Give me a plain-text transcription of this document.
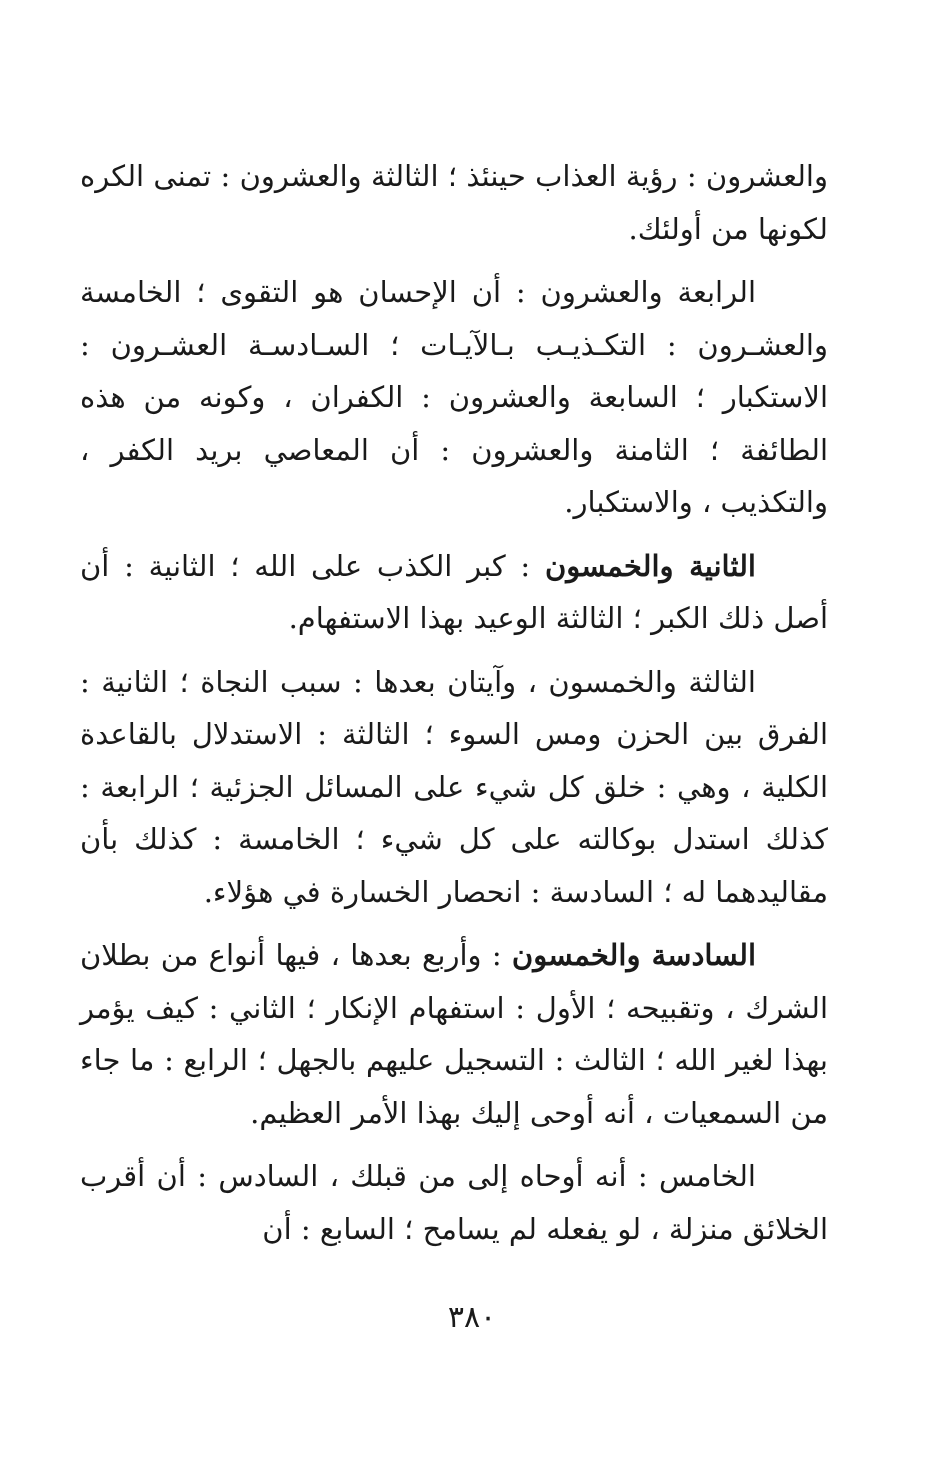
والعشرون : رؤية العذاب حينئذ ؛ الثالثة والعشرون : تمنى الكره لكونها من أولئك.

الرابعة والعشرون : أن الإحسان هو التقوى ؛ الخامسة والعشـرون : التكـذيـب بـالآيـات ؛ السـادسـة العشـرون : الاستكبار ؛ السابعة والعشرون : الكفران ، وكونه من هذه الطائفة ؛ الثامنة والعشرون : أن المعاصي بريد الكفر ، والتكذيب ، والاستكبار.

الثانية والخمسون : كبر الكذب على الله ؛ الثانية : أن أصل ذلك الكبر ؛ الثالثة الوعيد بهذا الاستفهام.

الثالثة والخمسون ، وآيتان بعدها : سبب النجاة ؛ الثانية : الفرق بين الحزن ومس السوء ؛ الثالثة : الاستدلال بالقاعدة الكلية ، وهي : خلق كل شيء على المسائل الجزئية ؛ الرابعة : كذلك استدل بوكالته على كل شيء ؛ الخامسة : كذلك بأن مقاليدهما له ؛ السادسة : انحصار الخسارة في هؤلاء.

السادسة والخمسون : وأربع بعدها ، فيها أنواع من بطلان الشرك ، وتقبيحه ؛ الأول : استفهام الإنكار ؛ الثاني : كيف يؤمر بهذا لغير الله ؛ الثالث : التسجيل عليهم بالجهل ؛ الرابع : ما جاء من السمعيات ، أنه أوحى إليك بهذا الأمر العظيم.

الخامس : أنه أوحاه إلى من قبلك ، السادس : أن أقرب الخلائق منزلة ، لو يفعله لم يسامح ؛ السابع : أن

٣٨٠
